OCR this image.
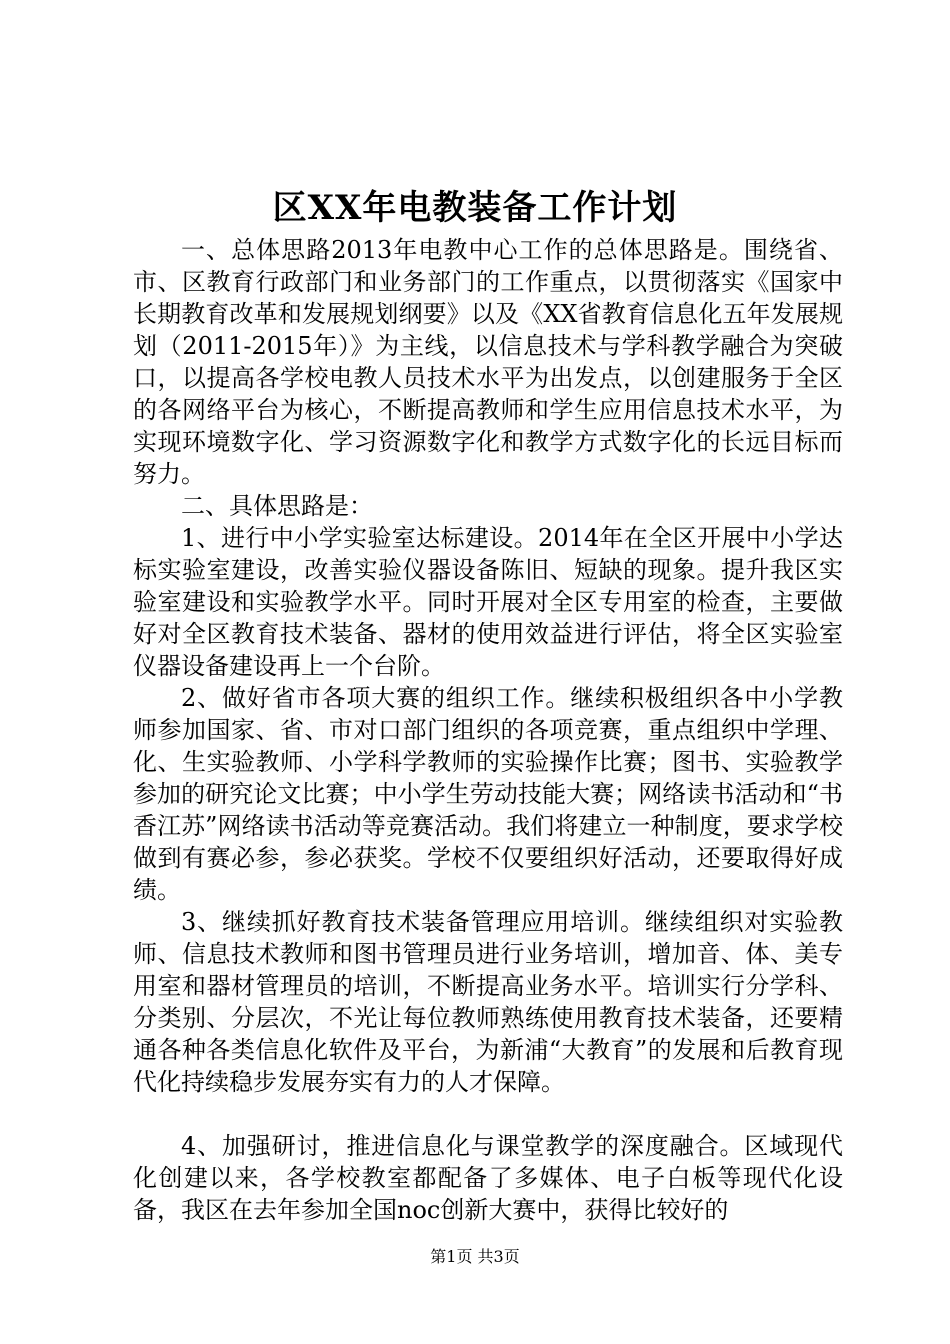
区XX年电教装备工作计划

一、总体思路2013年电教中心工作的总体思路是。围绕省、市、区教育行政部门和业务部门的工作重点，以贯彻落实《国家中长期教育改革和发展规划纲要》以及《XX省教育信息化五年发展规划（2011-2015年）》为主线，以信息技术与学科教学融合为突破口，以提高各学校电教人员技术水平为出发点，以创建服务于全区的各网络平台为核心，不断提高教师和学生应用信息技术水平，为实现环境数字化、学习资源数字化和教学方式数字化的长远目标而努力。

二、具体思路是：

1、进行中小学实验室达标建设。2014年在全区开展中小学达标实验室建设，改善实验仪器设备陈旧、短缺的现象。提升我区实验室建设和实验教学水平。同时开展对全区专用室的检查，主要做好对全区教育技术装备、器材的使用效益进行评估，将全区实验室仪器设备建设再上一个台阶。

2、做好省市各项大赛的组织工作。继续积极组织各中小学教师参加国家、省、市对口部门组织的各项竞赛，重点组织中学理、化、生实验教师、小学科学教师的实验操作比赛；图书、实验教学参加的研究论文比赛；中小学生劳动技能大赛；网络读书活动和“书香江苏”网络读书活动等竞赛活动。我们将建立一种制度，要求学校做到有赛必参，参必获奖。学校不仅要组织好活动，还要取得好成绩。

3、继续抓好教育技术装备管理应用培训。继续组织对实验教师、信息技术教师和图书管理员进行业务培训，增加音、体、美专用室和器材管理员的培训，不断提高业务水平。培训实行分学科、分类别、分层次，不光让每位教师熟练使用教育技术装备，还要精通各种各类信息化软件及平台，为新浦“大教育”的发展和后教育现代化持续稳步发展夯实有力的人才保障。

4、加强研讨，推进信息化与课堂教学的深度融合。区域现代化创建以来，各学校教室都配备了多媒体、电子白板等现代化设备，我区在去年参加全国noc创新大赛中，获得比较好的

第1页 共3页
